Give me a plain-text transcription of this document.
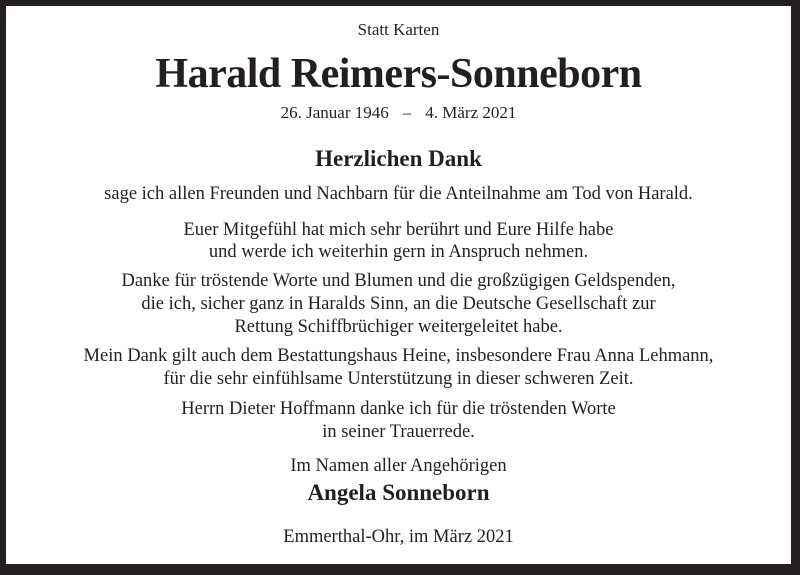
Statt Karten
Harald Reimers-Sonneborn
26. Januar 1946 – 4. März 2021
Herzlichen Dank
sage ich allen Freunden und Nachbarn für die Anteilnahme am Tod von Harald.
Euer Mitgefühl hat mich sehr berührt und Eure Hilfe habe
und werde ich weiterhin gern in Anspruch nehmen.
Danke für tröstende Worte und Blumen und die großzügigen Geldspenden,
die ich, sicher ganz in Haralds Sinn, an die Deutsche Gesellschaft zur
Rettung Schiffbrüchiger weitergeleitet habe.
Mein Dank gilt auch dem Bestattungshaus Heine, insbesondere Frau Anna Lehmann,
für die sehr einfühlsame Unterstützung in dieser schweren Zeit.
Herrn Dieter Hoffmann danke ich für die tröstenden Worte
in seiner Trauerrede.
Im Namen aller Angehörigen
Angela Sonneborn
Emmerthal-Ohr, im März 2021
